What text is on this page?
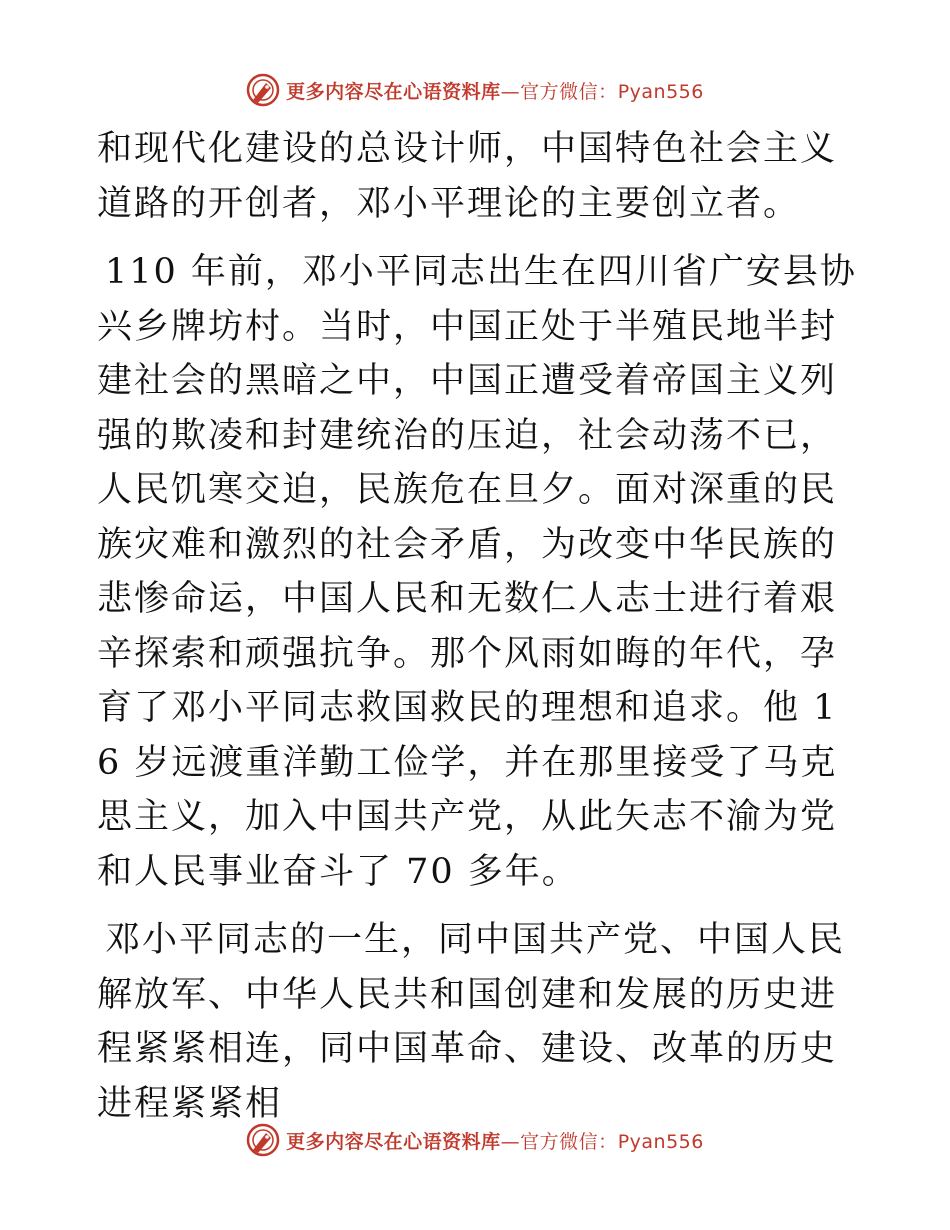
更多内容尽在心语资料库—官方微信：Pyan556

和现代化建设的总设计师，中国特色社会主义道路的开创者，邓小平理论的主要创立者。

110 年前，邓小平同志出生在四川省广安县协兴乡牌坊村。当时，中国正处于半殖民地半封建社会的黑暗之中，中国正遭受着帝国主义列强的欺凌和封建统治的压迫，社会动荡不已，人民饥寒交迫，民族危在旦夕。面对深重的民族灾难和激烈的社会矛盾，为改变中华民族的悲惨命运，中国人民和无数仁人志士进行着艰辛探索和顽强抗争。那个风雨如晦的年代，孕育了邓小平同志救国救民的理想和追求。他 16 岁远渡重洋勤工俭学，并在那里接受了马克思主义，加入中国共产党，从此矢志不渝为党和人民事业奋斗了 70 多年。

邓小平同志的一生，同中国共产党、中国人民解放军、中华人民共和国创建和发展的历史进程紧紧相连，同中国革命、建设、改革的历史进程紧紧相

更多内容尽在心语资料库—官方微信：Pyan556
